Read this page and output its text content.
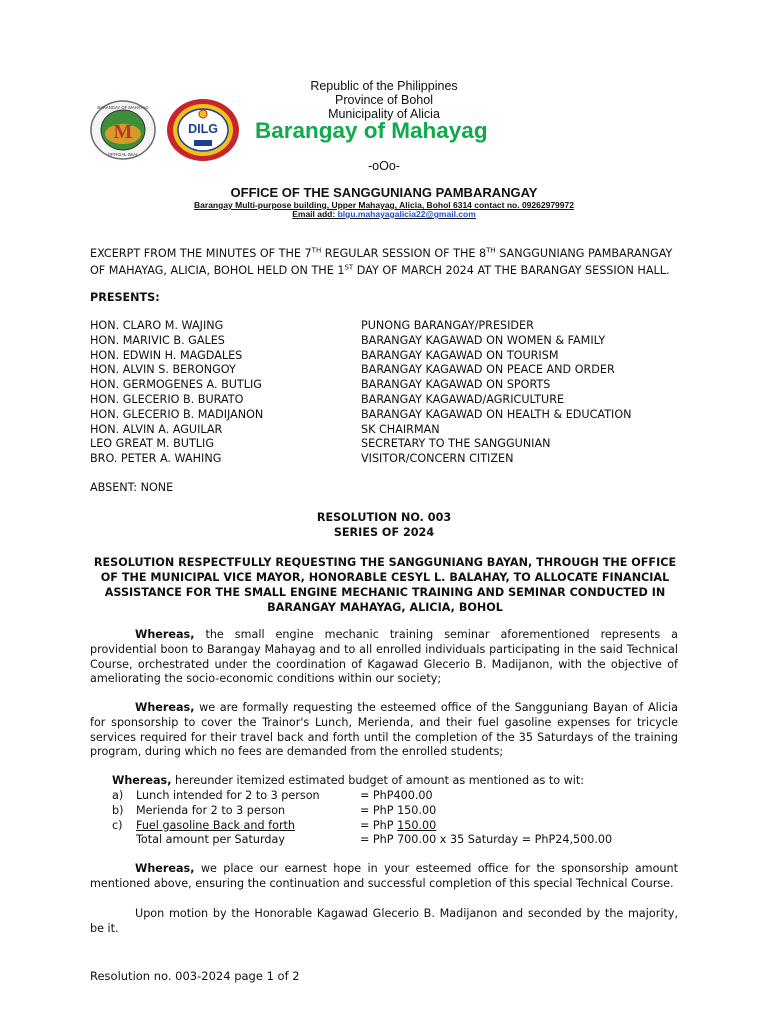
Republic of the Philippines
Province of Bohol
Municipality of Alicia
M
BARANGAY OF MAHAYAG
OFFICIAL SEAL
DILG Barangay of Mahayag
-oOo-
OFFICE OF THE SANGGUNIANG PAMBARANGAY
Barangay Multi-purpose building, Upper Mahayag, Alicia, Bohol 6314 contact no. 09262979972
Email add: blgu.mahayagalicia22@gmail.com
EXCERPT FROM THE MINUTES OF THE 7TH REGULAR SESSION OF THE 8TH SANGGUNIANG PAMBARANGAY OF MAHAYAG, ALICIA, BOHOL HELD ON THE 1ST DAY OF MARCH 2024 AT THE BARANGAY SESSION HALL.
PRESENTS:
HON. CLARO M. WAJING	PUNONG BARANGAY/PRESIDER
HON. MARIVIC B. GALES	BARANGAY KAGAWAD ON WOMEN & FAMILY
HON. EDWIN H. MAGDALES	BARANGAY KAGAWAD ON TOURISM
HON. ALVIN S. BERONGOY	BARANGAY KAGAWAD ON PEACE AND ORDER
HON. GERMOGENES A. BUTLIG	BARANGAY KAGAWAD ON SPORTS
HON. GLECERIO B. BURATO	BARANGAY KAGAWAD/AGRICULTURE
HON. GLECERIO B. MADIJANON	BARANGAY KAGAWAD ON HEALTH & EDUCATION
HON. ALVIN A. AGUILAR	SK CHAIRMAN
LEO GREAT M. BUTLIG	SECRETARY TO THE SANGGUNIAN
BRO. PETER A. WAHING	VISITOR/CONCERN CITIZEN
ABSENT: NONE
RESOLUTION NO. 003
SERIES OF 2024
RESOLUTION RESPECTFULLY REQUESTING THE SANGGUNIANG BAYAN, THROUGH THE OFFICE OF THE MUNICIPAL VICE MAYOR, HONORABLE CESYL L. BALAHAY, TO ALLOCATE FINANCIAL ASSISTANCE FOR THE SMALL ENGINE MECHANIC TRAINING AND SEMINAR CONDUCTED IN BARANGAY MAHAYAG, ALICIA, BOHOL
Whereas, the small engine mechanic training seminar aforementioned represents a providential boon to Barangay Mahayag and to all enrolled individuals participating in the said Technical Course, orchestrated under the coordination of Kagawad Glecerio B. Madijanon, with the objective of ameliorating the socio-economic conditions within our society;
Whereas, we are formally requesting the esteemed office of the Sangguniang Bayan of Alicia for sponsorship to cover the Trainor's Lunch, Merienda, and their fuel gasoline expenses for tricycle services required for their travel back and forth until the completion of the 35 Saturdays of the training program, during which no fees are demanded from the enrolled students;
Whereas, hereunder itemized estimated budget of amount as mentioned as to wit:
a) Lunch intended for 2 to 3 person	= PhP400.00
b) Merienda for 2 to 3 person	= PhP 150.00
c) Fuel gasoline Back and forth	= PhP 150.00
Total amount per Saturday	= PhP 700.00 x 35 Saturday = PhP24,500.00
Whereas, we place our earnest hope in your esteemed office for the sponsorship amount mentioned above, ensuring the continuation and successful completion of this special Technical Course.
Upon motion by the Honorable Kagawad Glecerio B. Madijanon and seconded by the majority, be it.
Resolution no. 003-2024 page 1 of 2
